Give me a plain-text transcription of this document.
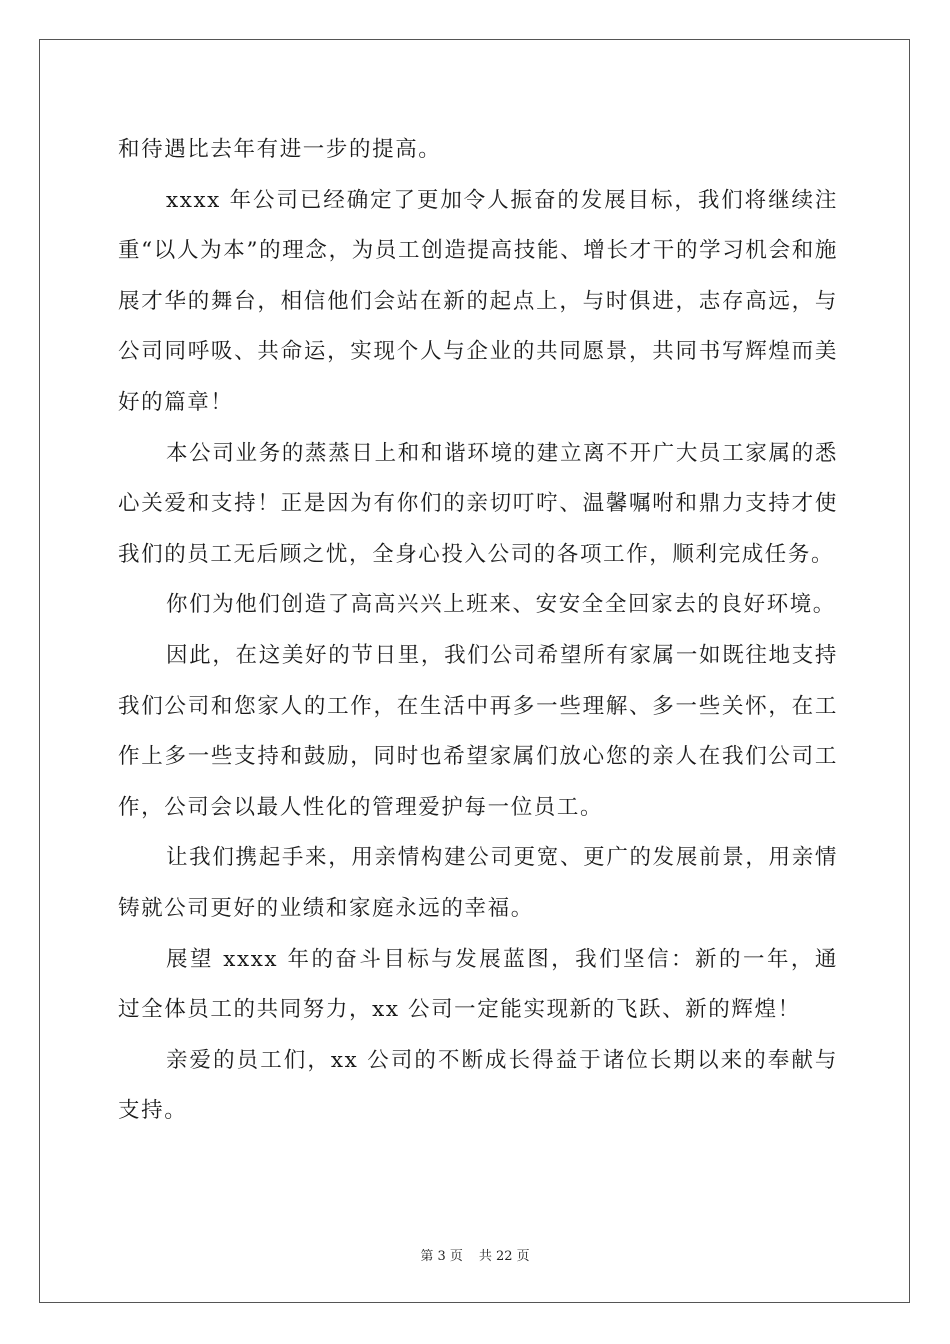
和待遇比去年有进一步的提高。

xxxx 年公司已经确定了更加令人振奋的发展目标，我们将继续注重“以人为本”的理念，为员工创造提高技能、增长才干的学习机会和施展才华的舞台，相信他们会站在新的起点上，与时俱进，志存高远，与公司同呼吸、共命运，实现个人与企业的共同愿景，共同书写辉煌而美好的篇章！

本公司业务的蒸蒸日上和和谐环境的建立离不开广大员工家属的悉心关爱和支持！正是因为有你们的亲切叮咛、温馨嘱咐和鼎力支持才使我们的员工无后顾之忧，全身心投入公司的各项工作，顺利完成任务。

你们为他们创造了高高兴兴上班来、安安全全回家去的良好环境。

因此，在这美好的节日里，我们公司希望所有家属一如既往地支持我们公司和您家人的工作，在生活中再多一些理解、多一些关怀，在工作上多一些支持和鼓励，同时也希望家属们放心您的亲人在我们公司工作，公司会以最人性化的管理爱护每一位员工。

让我们携起手来，用亲情构建公司更宽、更广的发展前景，用亲情铸就公司更好的业绩和家庭永远的幸福。

展望 xxxx 年的奋斗目标与发展蓝图，我们坚信：新的一年，通过全体员工的共同努力，xx 公司一定能实现新的飞跃、新的辉煌！

亲爱的员工们，xx 公司的不断成长得益于诸位长期以来的奉献与支持。

第 3 页 共 22 页
